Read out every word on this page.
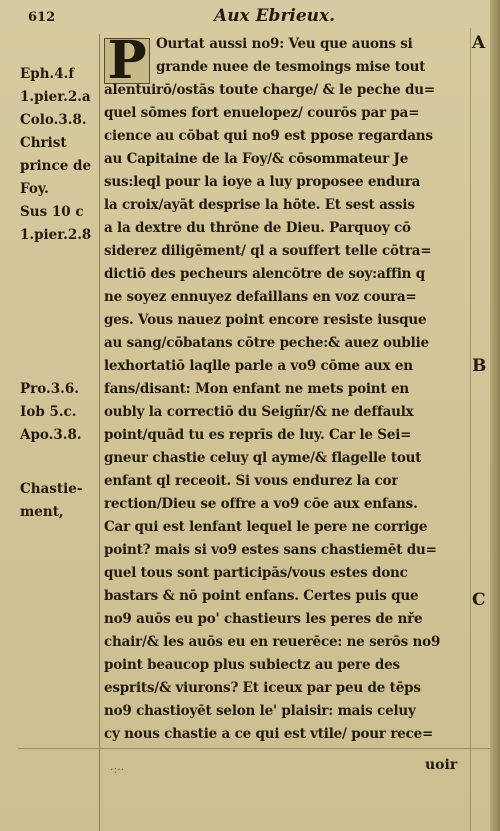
612	Aux Ebrieux.
Eph.4.f
1.pier.2.a
Colo.3.8.
Christ
prince de
Foy.
Sus 10 c
1.pier.2.8
Pro.3.6.
Iob 5.c.
Apo.3.8.
Chastie-
ment,
A
B
C
P Ourtat aussi no9: Veu que auons si
grande nuee de tesmoings mise tout
alentuirō/ostās toute charge/ & le peche du=
quel sōmes fort enuelopez/ courōs par pa=
cience au cōbat qui no9 est ppose regardans
au Capitaine de la Foy/& cōsommateur Je
sus:leql pour la ioye a luy proposee endura
la croix/ayāt desprise la hōte. Et sest assis
a la dextre du thrōne de Dieu. Parquoy cō
siderez diligēment/ ql a souffert telle cōtra=
dictiō des pecheurs alencōtre de soy:affin q
ne soyez ennuyez defaillans en voz coura=
ges. Vous nauez point encore resiste iusque
au sang/cōbatans cōtre peche:& auez oublie
lexhortatiō laqlle parle a vo9 cōme aux en
fans/disant: Mon enfant ne mets point en
oubly la correctiō du Seigñr/& ne deffaulx
point/quād tu es reprīs de luy. Car le Sei=
gneur chastie celuy ql ayme/& flagelle tout
enfant ql receoit. Si vous endurez la cor
rection/Dieu se offre a vo9 cōe aux enfans.
Car qui est lenfant lequel le pere ne corrige
point? mais si vo9 estes sans chastiemēt du=
quel tous sont participās/vous estes donc
bastars & nō point enfans. Certes puis que
no9 auōs eu po' chastieurs les peres de nře
chair/& les auōs eu en reuerēce: ne serōs no9
point beaucop plus subiectz au pere des
esprits/& viurons? Et iceux par peu de tēps
no9 chastioyēt selon le' plaisir: mais celuy
cy nous chastie a ce qui est vtile/ pour rece=
·:··	uoir
